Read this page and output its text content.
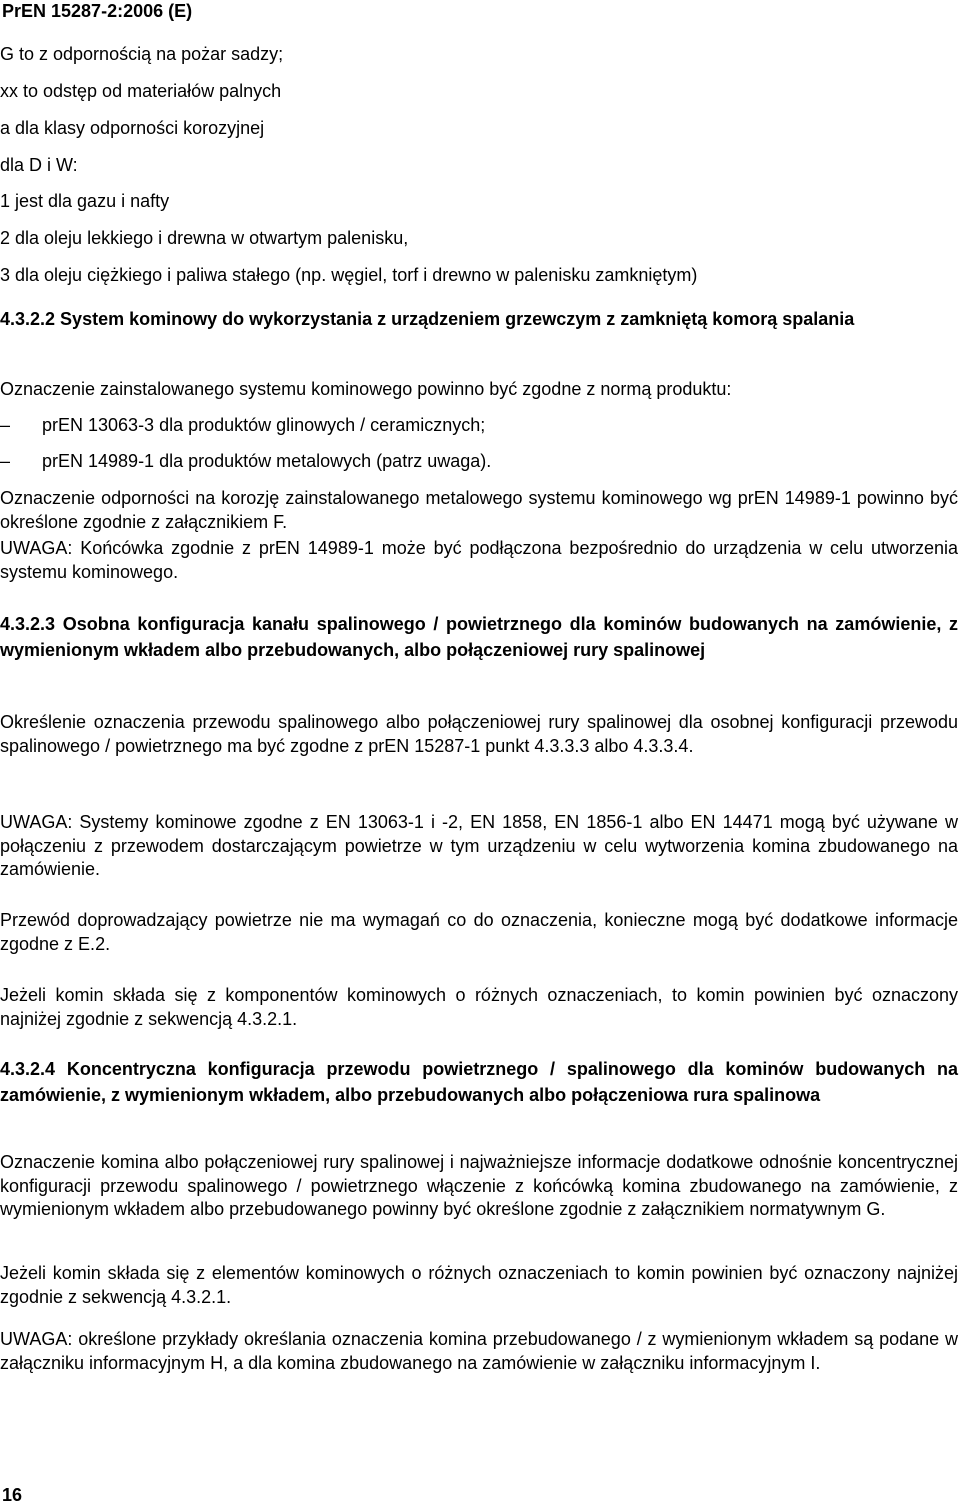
PrEN 15287-2:2006 (E)
G to z odpornością na pożar sadzy;
xx to odstęp od materiałów palnych
a dla klasy odporności korozyjnej
dla D i W:
1 jest dla gazu i nafty
2 dla oleju lekkiego i drewna w otwartym palenisku,
3 dla oleju ciężkiego i paliwa stałego (np. węgiel, torf i drewno w palenisku zamkniętym)
4.3.2.2 System kominowy do wykorzystania z urządzeniem grzewczym z zamkniętą komorą spalania
Oznaczenie zainstalowanego systemu kominowego powinno być zgodne z normą produktu:
–	prEN 13063-3 dla produktów glinowych / ceramicznych;
–	prEN 14989-1 dla produktów metalowych (patrz uwaga).
Oznaczenie odporności na korozję zainstalowanego metalowego systemu kominowego wg prEN 14989-1 powinno być określone zgodnie z załącznikiem F.
UWAGA: Końcówka zgodnie z prEN 14989-1 może być podłączona bezpośrednio do urządzenia w celu utworzenia systemu kominowego.
4.3.2.3 Osobna konfiguracja kanału spalinowego / powietrznego dla kominów budowanych na zamówienie, z wymienionym wkładem albo przebudowanych, albo połączeniowej rury spalinowej
Określenie oznaczenia przewodu spalinowego albo połączeniowej rury spalinowej dla osobnej konfiguracji przewodu spalinowego / powietrznego ma być zgodne z prEN 15287-1 punkt 4.3.3.3 albo 4.3.3.4.
UWAGA: Systemy kominowe zgodne z EN 13063-1 i -2, EN 1858, EN 1856-1 albo EN 14471 mogą być używane w połączeniu z przewodem dostarczającym powietrze w tym urządzeniu w celu wytworzenia komina zbudowanego na zamówienie.
Przewód doprowadzający powietrze nie ma wymagań co do oznaczenia, konieczne mogą być dodatkowe informacje zgodne z E.2.
Jeżeli komin składa się z komponentów kominowych o różnych oznaczeniach, to komin powinien być oznaczony najniżej zgodnie z sekwencją 4.3.2.1.
4.3.2.4 Koncentryczna konfiguracja przewodu powietrznego / spalinowego dla kominów budowanych na zamówienie, z wymienionym wkładem, albo przebudowanych albo połączeniowa rura spalinowa
Oznaczenie komina albo połączeniowej rury spalinowej i najważniejsze informacje dodatkowe odnośnie koncentrycznej konfiguracji przewodu spalinowego / powietrznego włączenie z końcówką komina zbudowanego na zamówienie, z wymienionym wkładem albo przebudowanego powinny być określone zgodnie z załącznikiem normatywnym G.
Jeżeli komin składa się z elementów kominowych o różnych oznaczeniach to komin powinien być oznaczony najniżej zgodnie z sekwencją 4.3.2.1.
UWAGA: określone przykłady określania oznaczenia komina przebudowanego / z wymienionym wkładem są podane w załączniku informacyjnym H, a dla komina zbudowanego na zamówienie w załączniku informacyjnym I.
16
